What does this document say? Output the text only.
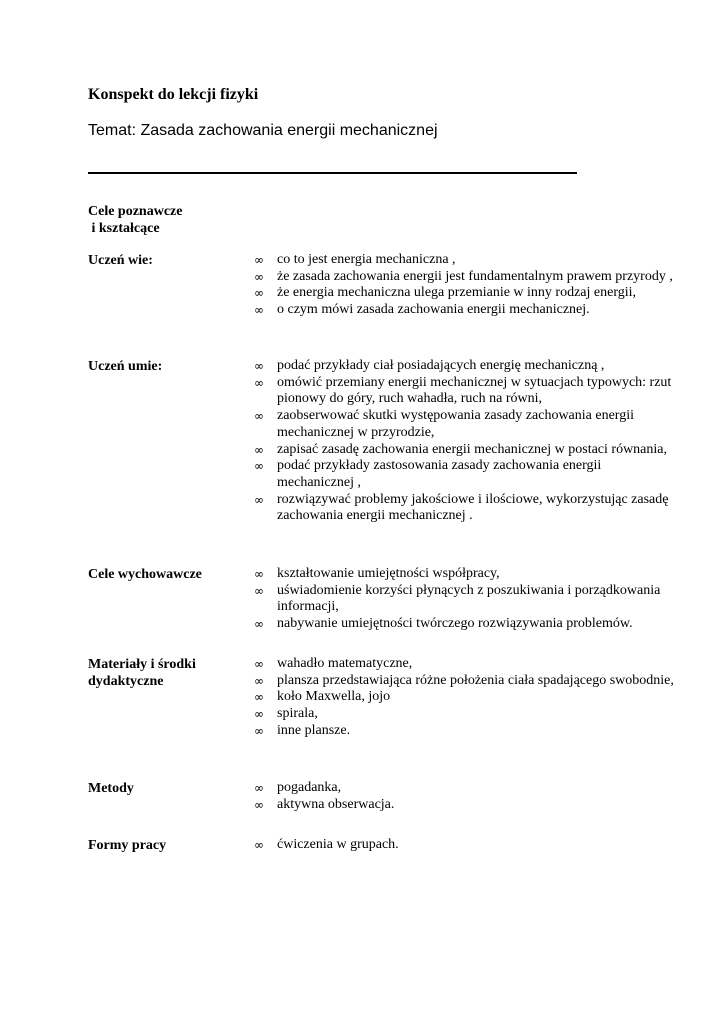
Konspekt do lekcji fizyki
Temat: Zasada zachowania energii mechanicznej
Cele poznawcze
i kształcące
Uczeń wie:	∞ co to jest energia mechaniczna ,
∞ że zasada zachowania energii jest fundamentalnym prawem przyrody ,
∞ że energia mechaniczna ulega przemianie w inny rodzaj energii,
∞ o czym mówi zasada zachowania energii mechanicznej.
Uczeń umie:	∞ podać przykłady ciał posiadających energię mechaniczną ,
∞ omówić przemiany energii mechanicznej w sytuacjach typowych: rzut pionowy do góry, ruch wahadła, ruch na równi,
∞ zaobserwować skutki występowania zasady zachowania energii mechanicznej w przyrodzie,
∞ zapisać zasadę zachowania energii mechanicznej w postaci równania,
∞ podać przykłady zastosowania zasady zachowania energii mechanicznej ,
∞ rozwiązywać problemy jakościowe i ilościowe, wykorzystując zasadę zachowania energii mechanicznej .
Cele wychowawcze	∞ kształtowanie umiejętności współpracy,
∞ uświadomienie korzyści płynących z poszukiwania i porządkowania informacji,
∞ nabywanie umiejętności twórczego rozwiązywania problemów.
Materiały i środki
dydaktyczne
∞ wahadło matematyczne,
∞ plansza przedstawiająca różne położenia ciała spadającego swobodnie,
∞ koło Maxwella, jojo
∞ spirala,
∞ inne plansze.
Metody	∞ pogadanka,
∞ aktywna obserwacja.
Formy pracy	∞ ćwiczenia w grupach.
